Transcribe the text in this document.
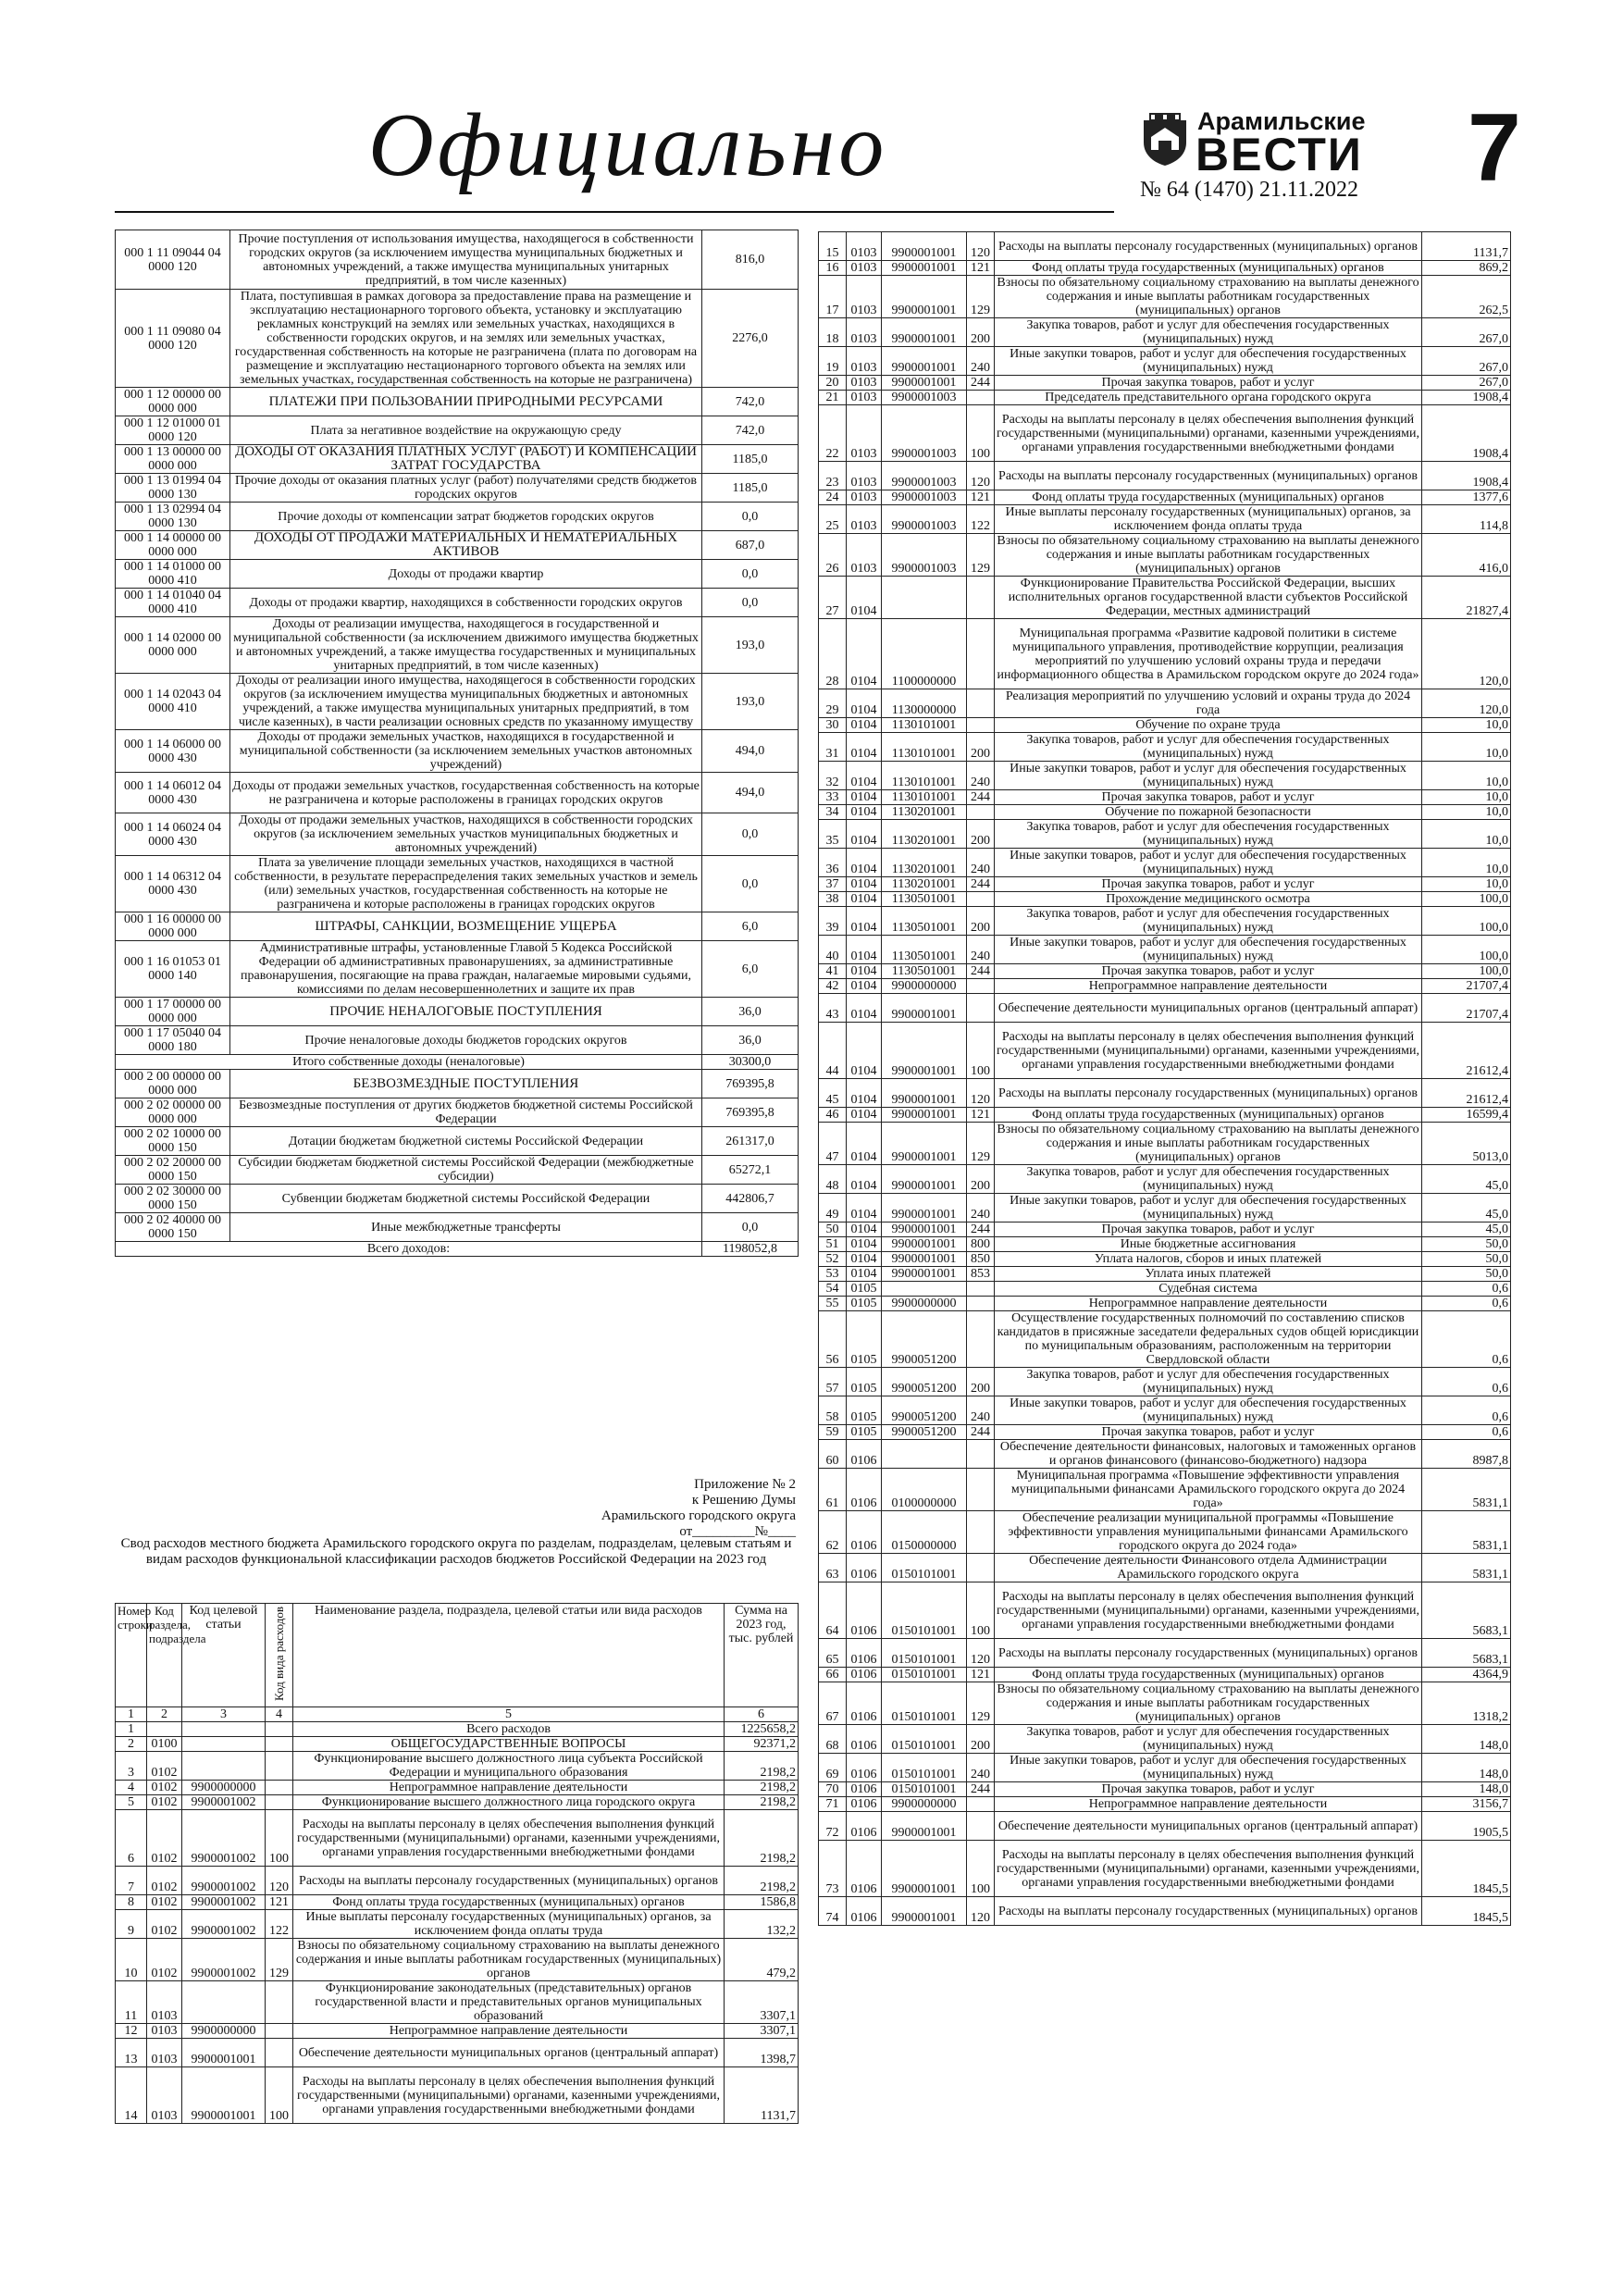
Официально	Арамильские
ВЕСТИ
№ 64 (1470) 21.11.2022 7
000 1 11 09044 04 0000 120	Прочие поступления от использования имущества, находящегося в собственности городских округов (за исключением имущества муниципальных бюджетных и автономных учреждений, а также имущества муниципальных унитарных предприятий, в том числе казенных)	816,0
000 1 11 09080 04 0000 120	Плата, поступившая в рамках договора за предоставление права на размещение и эксплуатацию нестационарного торгового объекта, установку и эксплуатацию рекламных конструкций на землях или земельных участках, находящихся в собственности городских округов, и на землях или земельных участках, государственная собственность на которые не разграничена (плата по договорам на размещение и эксплуатацию нестационарного торгового объекта на землях или земельных участках, государственная собственность на которые не разграничена)	2276,0
000 1 12 00000 00 0000 000	ПЛАТЕЖИ ПРИ ПОЛЬЗОВАНИИ ПРИРОДНЫМИ РЕСУРСАМИ	742,0
000 1 12 01000 01 0000 120	Плата за негативное воздействие на окружающую среду	742,0
000 1 13 00000 00 0000 000	ДОХОДЫ ОТ ОКАЗАНИЯ ПЛАТНЫХ УСЛУГ (РАБОТ) И КОМПЕНСАЦИИ ЗАТРАТ ГОСУДАРСТВА	1185,0
000 1 13 01994 04 0000 130	Прочие доходы от оказания платных услуг (работ) получателями средств бюджетов городских округов	1185,0
000 1 13 02994 04 0000 130	Прочие доходы от компенсации затрат бюджетов городских округов	0,0
000 1 14 00000 00 0000 000	ДОХОДЫ ОТ ПРОДАЖИ МАТЕРИАЛЬНЫХ И НЕМАТЕРИАЛЬНЫХ АКТИВОВ	687,0
000 1 14 01000 00 0000 410	Доходы от продажи квартир	0,0
000 1 14 01040 04 0000 410	Доходы от продажи квартир, находящихся в собственности городских округов	0,0
000 1 14 02000 00 0000 000	Доходы от реализации имущества, находящегося в государственной и муниципальной собственности (за исключением движимого имущества бюджетных и автономных учреждений, а также имущества государственных и муниципальных унитарных предприятий, в том числе казенных)	193,0
000 1 14 02043 04 0000 410	Доходы от реализации иного имущества, находящегося в собственности городских округов (за исключением имущества муниципальных бюджетных и автономных учреждений, а также имущества муниципальных унитарных предприятий, в том числе казенных), в части реализации основных средств по указанному имуществу	193,0
000 1 14 06000 00 0000 430	Доходы от продажи земельных участков, находящихся в государственной и муниципальной собственности (за исключением земельных участков автономных учреждений)	494,0
000 1 14 06012 04 0000 430	Доходы от продажи земельных участков, государственная собственность на которые не разграничена и которые расположены в границах городских округов	494,0
000 1 14 06024 04 0000 430	Доходы от продажи земельных участков, находящихся в собственности городских округов (за исключением земельных участков муниципальных бюджетных и автономных учреждений)	0,0
000 1 14 06312 04 0000 430	Плата за увеличение площади земельных участков, находящихся в частной собственности, в результате перераспределения таких земельных участков и земель (или) земельных участков, государственная собственность на которые не разграничена и которые расположены в границах городских округов	0,0
000 1 16 00000 00 0000 000	ШТРАФЫ, САНКЦИИ, ВОЗМЕЩЕНИЕ УЩЕРБА	6,0
000 1 16 01053 01 0000 140	Административные штрафы, установленные Главой 5 Кодекса Российской Федерации об административных правонарушениях, за административные правонарушения, посягающие на права граждан, налагаемые мировыми судьями, комиссиями по делам несовершеннолетних и защите их прав	6,0
000 1 17 00000 00 0000 000	ПРОЧИЕ НЕНАЛОГОВЫЕ ПОСТУПЛЕНИЯ	36,0
000 1 17 05040 04 0000 180	Прочие неналоговые доходы бюджетов городских округов	36,0
Итого собственные доходы (неналоговые)		30300,0
000 2 00 00000 00 0000 000	БЕЗВОЗМЕЗДНЫЕ ПОСТУПЛЕНИЯ	769395,8
000 2 02 00000 00 0000 000	Безвозмездные поступления от других бюджетов бюджетной системы Российской Федерации	769395,8
000 2 02 10000 00 0000 150	Дотации бюджетам бюджетной системы Российской Федерации	261317,0
000 2 02 20000 00 0000 150	Субсидии бюджетам бюджетной системы Российской Федерации (межбюджетные субсидии)	65272,1
000 2 02 30000 00 0000 150	Субвенции бюджетам бюджетной системы Российской Федерации	442806,7
000 2 02 40000 00 0000 150	Иные межбюджетные трансферты	0,0
Всего доходов:		1198052,8
Приложение № 2
к Решению Думы
Арамильского городского округа
от_________№____
Свод расходов местного бюджета Арамильского городского округа по разделам, подразделам, целевым статьям и видам расходов функциональной классификации расходов бюджетов Российской Федерации на 2023 год
Номер строки	Код раздела, подраздела	Код целевой статьи	Код вида расходов	Наименование раздела, подраздела, целевой статьи или вида расходов	Сумма на 2023 год, тыс. рублей
1	2	3	4	5	6
1				Всего расходов	1225658,2
2	0100			ОБЩЕГОСУДАРСТВЕННЫЕ ВОПРОСЫ	92371,2
3	0102			Функционирование высшего должностного лица субъекта Российской Федерации и муниципального образования	2198,2
4	0102	9900000000		Непрограммное направление деятельности	2198,2
5	0102	9900001002		Функционирование высшего должностного лица городского округа	2198,2
6	0102	9900001002	100	Расходы на выплаты персоналу в целях обеспечения выполнения функций государственными (муниципальными) органами, казенными учреждениями, органами управления государственными внебюджетными фондами	2198,2
7	0102	9900001002	120	Расходы на выплаты персоналу государственных (муниципальных) органов	2198,2
8	0102	9900001002	121	Фонд оплаты труда государственных (муниципальных) органов	1586,8
9	0102	9900001002	122	Иные выплаты персоналу государственных (муниципальных) органов, за исключением фонда оплаты труда	132,2
10	0102	9900001002	129	Взносы по обязательному социальному страхованию на выплаты денежного содержания и иные выплаты работникам государственных (муниципальных) органов	479,2
11	0103			Функционирование законодательных (представительных) органов государственной власти и представительных органов муниципальных образований	3307,1
12	0103	9900000000		Непрограммное направление деятельности	3307,1
13	0103	9900001001		Обеспечение деятельности муниципальных органов (центральный аппарат)	1398,7
14	0103	9900001001	100	Расходы на выплаты персоналу в целях обеспечения выполнения функций государственными (муниципальными) органами, казенными учреждениями, органами управления государственными внебюджетными фондами	1131,7
15	0103	9900001001	120	Расходы на выплаты персоналу государственных (муниципальных) органов	1131,7
16	0103	9900001001	121	Фонд оплаты труда государственных (муниципальных) органов	869,2
17	0103	9900001001	129	Взносы по обязательному социальному страхованию на выплаты денежного содержания и иные выплаты работникам государственных (муниципальных) органов	262,5
18	0103	9900001001	200	Закупка товаров, работ и услуг для обеспечения государственных (муниципальных) нужд	267,0
19	0103	9900001001	240	Иные закупки товаров, работ и услуг для обеспечения государственных (муниципальных) нужд	267,0
20	0103	9900001001	244	Прочая закупка товаров, работ и услуг	267,0
21	0103	9900001003		Председатель представительного органа городского округа	1908,4
22	0103	9900001003	100	Расходы на выплаты персоналу в целях обеспечения выполнения функций государственными (муниципальными) органами, казенными учреждениями, органами управления государственными внебюджетными фондами	1908,4
23	0103	9900001003	120	Расходы на выплаты персоналу государственных (муниципальных) органов	1908,4
24	0103	9900001003	121	Фонд оплаты труда государственных (муниципальных) органов	1377,6
25	0103	9900001003	122	Иные выплаты персоналу государственных (муниципальных) органов, за исключением фонда оплаты труда	114,8
26	0103	9900001003	129	Взносы по обязательному социальному страхованию на выплаты денежного содержания и иные выплаты работникам государственных (муниципальных) органов	416,0
27	0104			Функционирование Правительства Российской Федерации, высших исполнительных органов государственной власти субъектов Российской Федерации, местных администраций	21827,4
28	0104	1100000000		Муниципальная программа «Развитие кадровой политики в системе муниципального управления, противодействие коррупции, реализация мероприятий по улучшению условий охраны труда и передачи информационного общества в Арамильском городском округе до 2024 года»	120,0
29	0104	1130000000		Реализация мероприятий по улучшению условий и охраны труда до 2024 года	120,0
30	0104	1130101001		Обучение по охране труда	10,0
31	0104	1130101001	200	Закупка товаров, работ и услуг для обеспечения государственных (муниципальных) нужд	10,0
32	0104	1130101001	240	Иные закупки товаров, работ и услуг для обеспечения государственных (муниципальных) нужд	10,0
33	0104	1130101001	244	Прочая закупка товаров, работ и услуг	10,0
34	0104	1130201001		Обучение по пожарной безопасности	10,0
35	0104	1130201001	200	Закупка товаров, работ и услуг для обеспечения государственных (муниципальных) нужд	10,0
36	0104	1130201001	240	Иные закупки товаров, работ и услуг для обеспечения государственных (муниципальных) нужд	10,0
37	0104	1130201001	244	Прочая закупка товаров, работ и услуг	10,0
38	0104	1130501001		Прохождение медицинского осмотра	100,0
39	0104	1130501001	200	Закупка товаров, работ и услуг для обеспечения государственных (муниципальных) нужд	100,0
40	0104	1130501001	240	Иные закупки товаров, работ и услуг для обеспечения государственных (муниципальных) нужд	100,0
41	0104	1130501001	244	Прочая закупка товаров, работ и услуг	100,0
42	0104	9900000000		Непрограммное направление деятельности	21707,4
43	0104	9900001001		Обеспечение деятельности муниципальных органов (центральный аппарат)	21707,4
44	0104	9900001001	100	Расходы на выплаты персоналу в целях обеспечения выполнения функций государственными (муниципальными) органами, казенными учреждениями, органами управления государственными внебюджетными фондами	21612,4
45	0104	9900001001	120	Расходы на выплаты персоналу государственных (муниципальных) органов	21612,4
46	0104	9900001001	121	Фонд оплаты труда государственных (муниципальных) органов	16599,4
47	0104	9900001001	129	Взносы по обязательному социальному страхованию на выплаты денежного содержания и иные выплаты работникам государственных (муниципальных) органов	5013,0
48	0104	9900001001	200	Закупка товаров, работ и услуг для обеспечения государственных (муниципальных) нужд	45,0
49	0104	9900001001	240	Иные закупки товаров, работ и услуг для обеспечения государственных (муниципальных) нужд	45,0
50	0104	9900001001	244	Прочая закупка товаров, работ и услуг	45,0
51	0104	9900001001	800	Иные бюджетные ассигнования	50,0
52	0104	9900001001	850	Уплата налогов, сборов и иных платежей	50,0
53	0104	9900001001	853	Уплата иных платежей	50,0
54	0105			Судебная система	0,6
55	0105	9900000000		Непрограммное направление деятельности	0,6
56	0105	9900051200		Осуществление государственных полномочий по составлению списков кандидатов в присяжные заседатели федеральных судов общей юрисдикции по муниципальным образованиям, расположенным на территории Свердловской области	0,6
57	0105	9900051200	200	Закупка товаров, работ и услуг для обеспечения государственных (муниципальных) нужд	0,6
58	0105	9900051200	240	Иные закупки товаров, работ и услуг для обеспечения государственных (муниципальных) нужд	0,6
59	0105	9900051200	244	Прочая закупка товаров, работ и услуг	0,6
60	0106			Обеспечение деятельности финансовых, налоговых и таможенных органов и органов финансового (финансово-бюджетного) надзора	8987,8
61	0106	0100000000		Муниципальная программа «Повышение эффективности управления муниципальными финансами Арамильского городского округа до 2024 года»	5831,1
62	0106	0150000000		Обеспечение реализации муниципальной программы «Повышение эффективности управления муниципальными финансами Арамильского городского округа до 2024 года»	5831,1
63	0106	0150101001		Обеспечение деятельности Финансового отдела Администрации Арамильского городского округа	5831,1
64	0106	0150101001	100	Расходы на выплаты персоналу в целях обеспечения выполнения функций государственными (муниципальными) органами, казенными учреждениями, органами управления государственными внебюджетными фондами	5683,1
65	0106	0150101001	120	Расходы на выплаты персоналу государственных (муниципальных) органов	5683,1
66	0106	0150101001	121	Фонд оплаты труда государственных (муниципальных) органов	4364,9
67	0106	0150101001	129	Взносы по обязательному социальному страхованию на выплаты денежного содержания и иные выплаты работникам государственных (муниципальных) органов	1318,2
68	0106	0150101001	200	Закупка товаров, работ и услуг для обеспечения государственных (муниципальных) нужд	148,0
69	0106	0150101001	240	Иные закупки товаров, работ и услуг для обеспечения государственных (муниципальных) нужд	148,0
70	0106	0150101001	244	Прочая закупка товаров, работ и услуг	148,0
71	0106	9900000000		Непрограммное направление деятельности	3156,7
72	0106	9900001001		Обеспечение деятельности муниципальных органов (центральный аппарат)	1905,5
73	0106	9900001001	100	Расходы на выплаты персоналу в целях обеспечения выполнения функций государственными (муниципальными) органами, казенными учреждениями, органами управления государственными внебюджетными фондами	1845,5
74	0106	9900001001	120	Расходы на выплаты персоналу государственных (муниципальных) органов	1845,5
